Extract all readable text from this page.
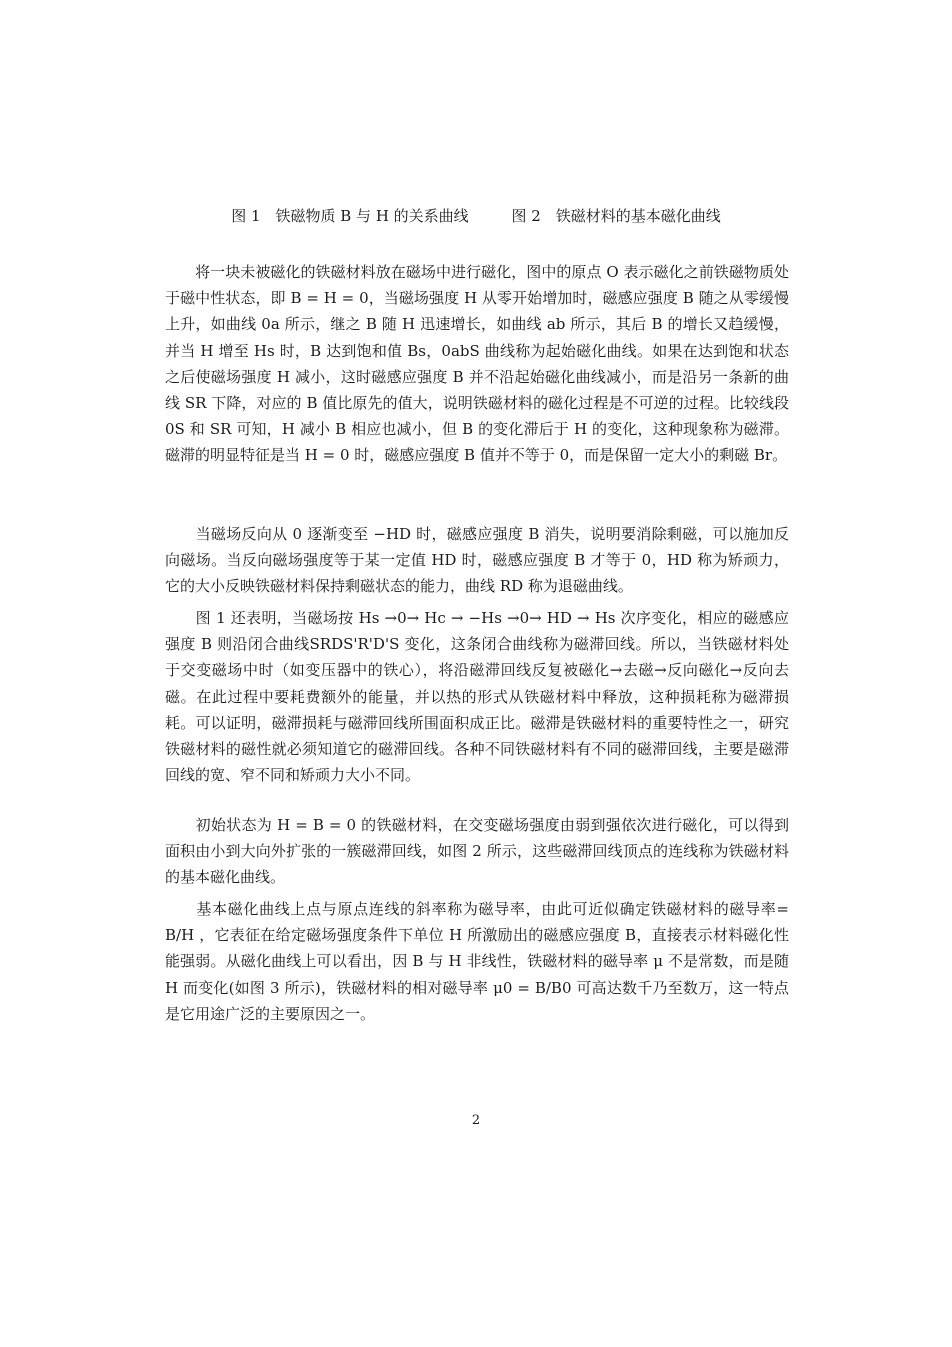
图 1　铁磁物质 B 与 H 的关系曲线	图 2　铁磁材料的基本磁化曲线

　　将一块未被磁化的铁磁材料放在磁场中进行磁化，图中的原点 O 表示磁化之前铁磁物质处于磁中性状态，即 B = H = 0，当磁场强度 H 从零开始增加时，磁感应强度 B 随之从零缓慢上升，如曲线 0a 所示，继之 B 随 H 迅速增长，如曲线 ab 所示，其后 B 的增长又趋缓慢，并当 H 增至 Hs 时，B 达到饱和值 Bs，0abS 曲线称为起始磁化曲线。如果在达到饱和状态之后使磁场强度 H 减小，这时磁感应强度 B 并不沿起始磁化曲线减小，而是沿另一条新的曲线 SR 下降，对应的 B 值比原先的值大，说明铁磁材料的磁化过程是不可逆的过程。比较线段 0S 和 SR 可知，H 减小 B 相应也减小，但 B 的变化滞后于 H 的变化，这种现象称为磁滞。磁滞的明显特征是当 H = 0 时，磁感应强度 B 值并不等于 0，而是保留一定大小的剩磁 Br。

　　当磁场反向从 0 逐渐变至 −HD 时，磁感应强度 B 消失，说明要消除剩磁，可以施加反向磁场。当反向磁场强度等于某一定值 HD 时，磁感应强度 B 才等于 0，HD 称为矫顽力，它的大小反映铁磁材料保持剩磁状态的能力，曲线 RD 称为退磁曲线。

　　图 1 还表明，当磁场按 Hs →0→ Hc → −Hs →0→ HD → Hs 次序变化，相应的磁感应强度 B 则沿闭合曲线SRDS'R'D'S 变化，这条闭合曲线称为磁滞回线。所以，当铁磁材料处于交变磁场中时（如变压器中的铁心），将沿磁滞回线反复被磁化→去磁→反向磁化→反向去磁。在此过程中要耗费额外的能量，并以热的形式从铁磁材料中释放，这种损耗称为磁滞损耗。可以证明，磁滞损耗与磁滞回线所围面积成正比。磁滞是铁磁材料的重要特性之一，研究铁磁材料的磁性就必须知道它的磁滞回线。各种不同铁磁材料有不同的磁滞回线，主要是磁滞回线的宽、窄不同和矫顽力大小不同。

　　初始状态为 H = B = 0 的铁磁材料，在交变磁场强度由弱到强依次进行磁化，可以得到面积由小到大向外扩张的一簇磁滞回线，如图 2 所示，这些磁滞回线顶点的连线称为铁磁材料的基本磁化曲线。

　　基本磁化曲线上点与原点连线的斜率称为磁导率，由此可近似确定铁磁材料的磁导率= B/H ，它表征在给定磁场强度条件下单位 H 所激励出的磁感应强度 B，直接表示材料磁化性能强弱。从磁化曲线上可以看出，因 B 与 H 非线性，铁磁材料的磁导率 μ 不是常数，而是随 H 而变化(如图 3 所示)，铁磁材料的相对磁导率 μ0 = B/B0 可高达数千乃至数万，这一特点是它用途广泛的主要原因之一。

2
